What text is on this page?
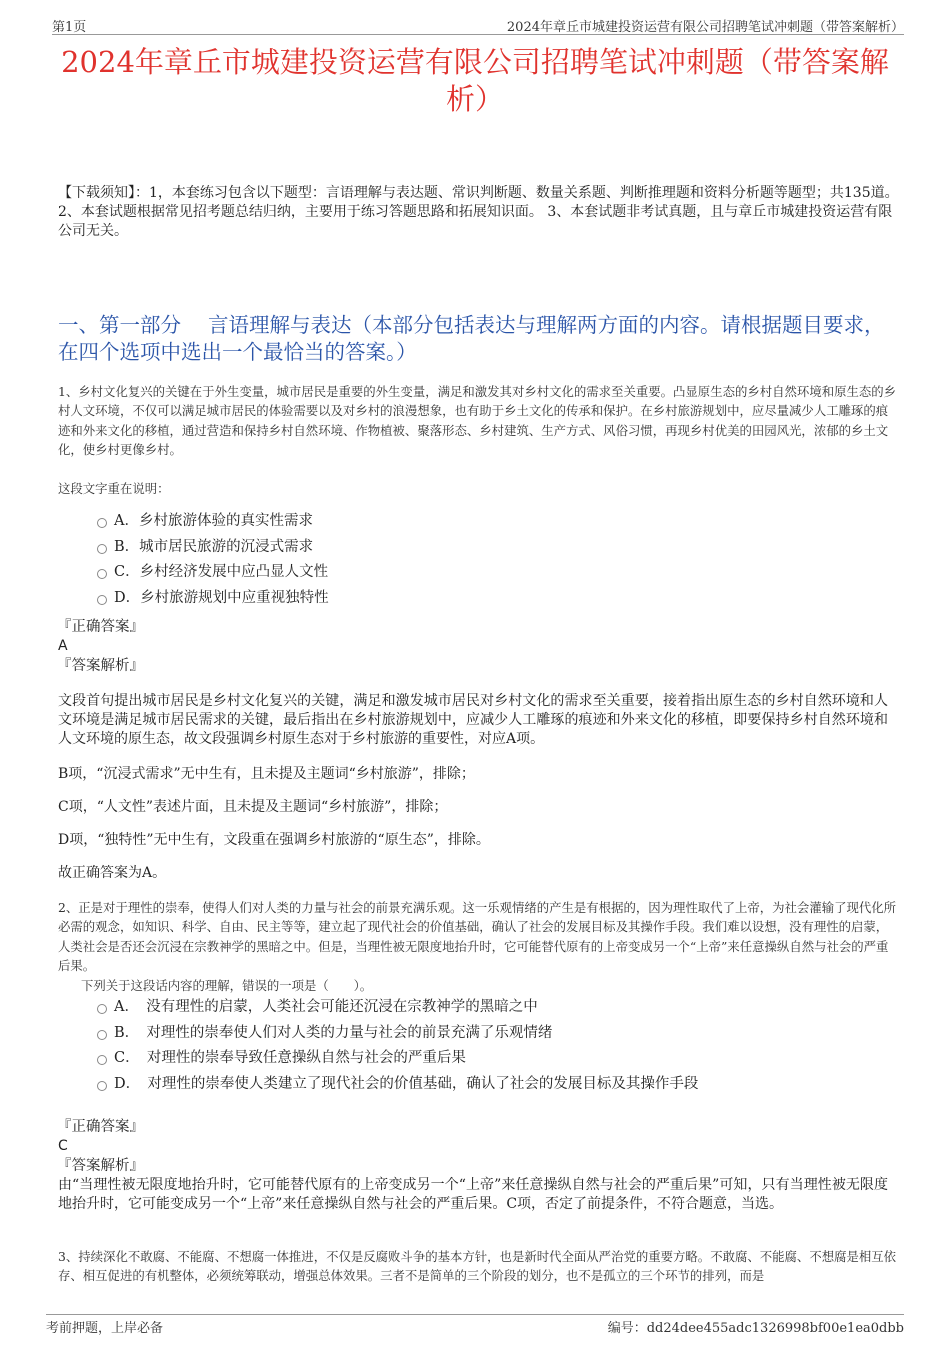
第1页	2024年章丘市城建投资运营有限公司招聘笔试冲刺题（带答案解析）
2024年章丘市城建投资运营有限公司招聘笔试冲刺题（带答案解析）
【下载须知】：1，本套练习包含以下题型：言语理解与表达题、常识判断题、数量关系题、判断推理题和资料分析题等题型；共135道。 2、本套试题根据常见招考题总结归纳，主要用于练习答题思路和拓展知识面。 3、本套试题非考试真题，且与章丘市城建投资运营有限公司无关。
一、第一部分　 言语理解与表达（本部分包括表达与理解两方面的内容。请根据题目要求，在四个选项中选出一个最恰当的答案。）
1、乡村文化复兴的关键在于外生变量，城市居民是重要的外生变量，满足和激发其对乡村文化的需求至关重要。凸显原生态的乡村自然环境和原生态的乡村人文环境，不仅可以满足城市居民的体验需要以及对乡村的浪漫想象，也有助于乡土文化的传承和保护。在乡村旅游规划中，应尽量减少人工雕琢的痕迹和外来文化的移植，通过营造和保持乡村自然环境、作物植被、聚落形态、乡村建筑、生产方式、风俗习惯，再现乡村优美的田园风光，浓郁的乡土文化，使乡村更像乡村。
这段文字重在说明：
A．乡村旅游体验的真实性需求
B．城市居民旅游的沉浸式需求
C．乡村经济发展中应凸显人文性
D．乡村旅游规划中应重视独特性
『正确答案』
A
『答案解析』
文段首句提出城市居民是乡村文化复兴的关键，满足和激发城市居民对乡村文化的需求至关重要，接着指出原生态的乡村自然环境和人文环境是满足城市居民需求的关键，最后指出在乡村旅游规划中，应减少人工雕琢的痕迹和外来文化的移植，即要保持乡村自然环境和人文环境的原生态，故文段强调乡村原生态对于乡村旅游的重要性，对应A项。
B项，“沉浸式需求”无中生有，且未提及主题词“乡村旅游”，排除；
C项，“人文性”表述片面，且未提及主题词“乡村旅游”，排除；
D项，“独特性”无中生有，文段重在强调乡村旅游的“原生态”，排除。
故正确答案为A。
2、正是对于理性的崇奉，使得人们对人类的力量与社会的前景充满乐观。这一乐观情绪的产生是有根据的，因为理性取代了上帝，为社会灌输了现代化所必需的观念，如知识、科学、自由、民主等等，建立起了现代社会的价值基础，确认了社会的发展目标及其操作手段。我们难以设想，没有理性的启蒙，人类社会是否还会沉浸在宗教神学的黑暗之中。但是，当理性被无限度地抬升时，它可能替代原有的上帝变成另一个“上帝”来任意操纵自然与社会的严重后果。
下列关于这段话内容的理解，错误的一项是（　　）。
A．　没有理性的启蒙，人类社会可能还沉浸在宗教神学的黑暗之中
B．　对理性的崇奉使人们对人类的力量与社会的前景充满了乐观情绪
C．　对理性的崇奉导致任意操纵自然与社会的严重后果
D．　对理性的崇奉使人类建立了现代社会的价值基础，确认了社会的发展目标及其操作手段
『正确答案』
C
『答案解析』
由“当理性被无限度地抬升时，它可能替代原有的上帝变成另一个“上帝”来任意操纵自然与社会的严重后果”可知，只有当理性被无限度地抬升时，它可能变成另一个“上帝”来任意操纵自然与社会的严重后果。C项，否定了前提条件，不符合题意，当选。
3、持续深化不敢腐、不能腐、不想腐一体推进，不仅是反腐败斗争的基本方针，也是新时代全面从严治党的重要方略。不敢腐、不能腐、不想腐是相互依存、相互促进的有机整体，必须统筹联动，增强总体效果。三者不是简单的三个阶段的划分，也不是孤立的三个环节的排列，而是
考前押题，上岸必备	编号：dd24dee455adc1326998bf00e1ea0dbb
